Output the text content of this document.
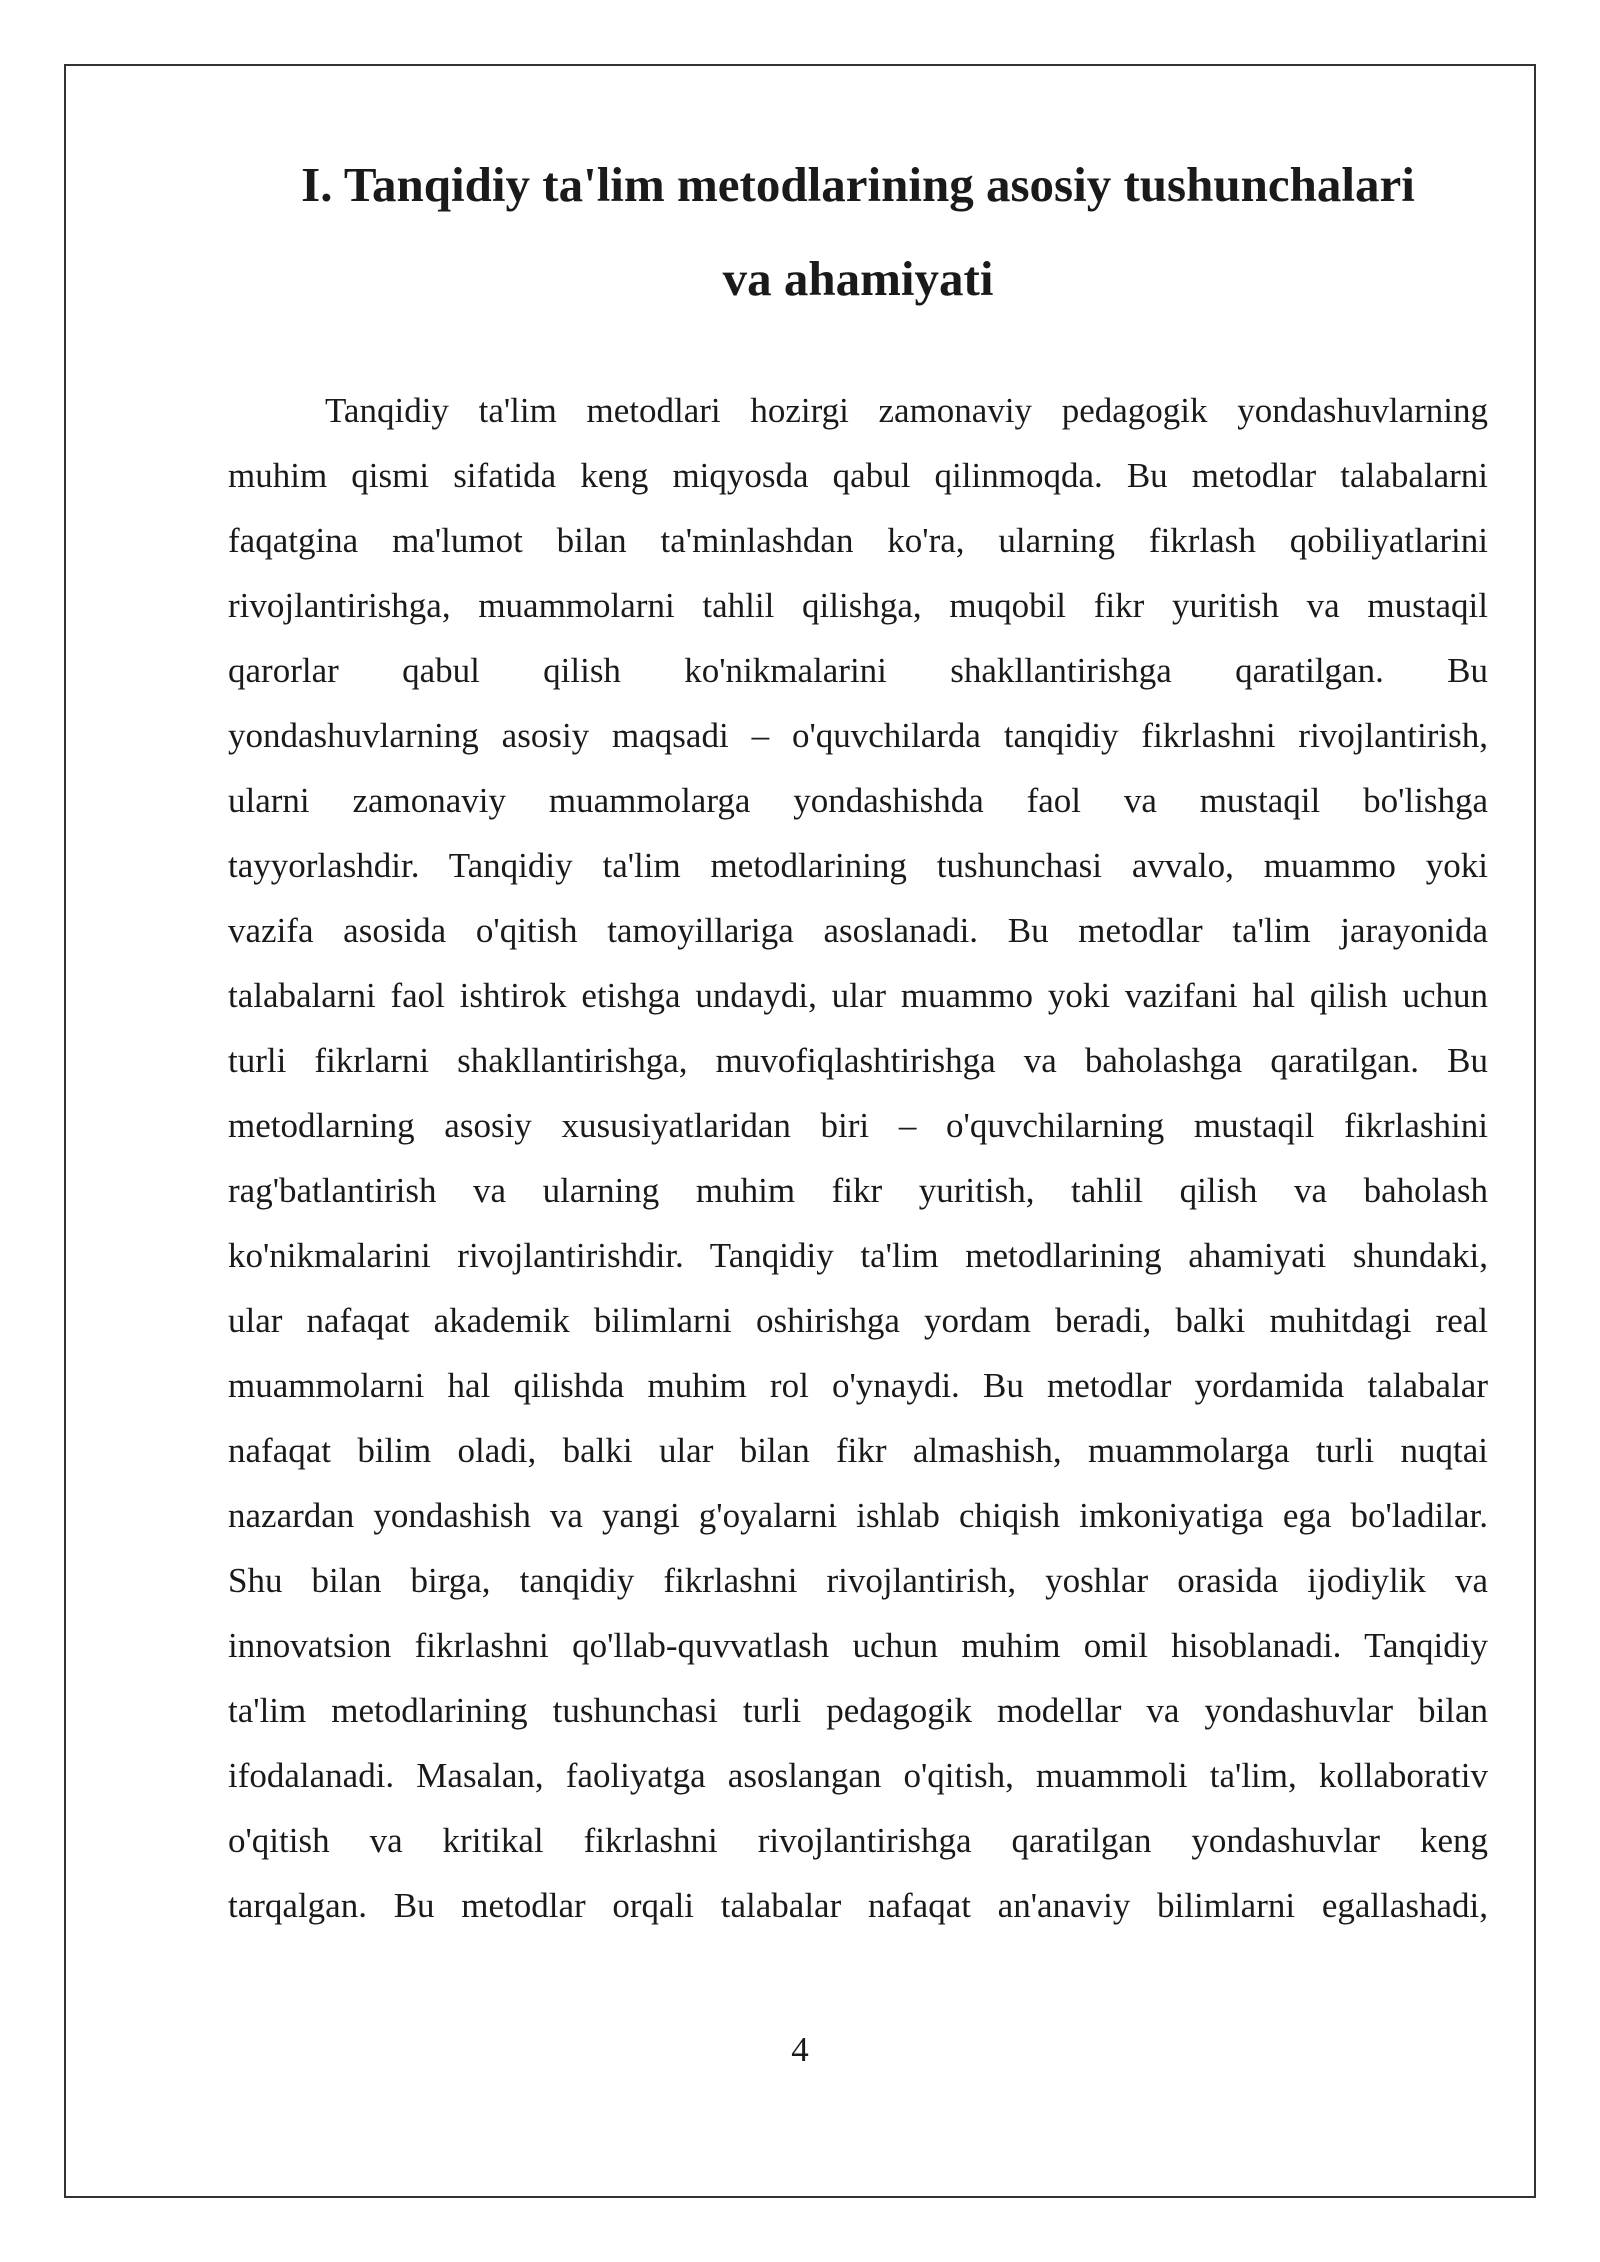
I. Tanqidiy ta'lim metodlarining asosiy tushunchalari
va ahamiyati
Tanqidiy ta'lim metodlari hozirgi zamonaviy pedagogik yondashuvlarning
muhim qismi sifatida keng miqyosda qabul qilinmoqda. Bu metodlar talabalarni
faqatgina ma'lumot bilan ta'minlashdan ko'ra, ularning fikrlash qobiliyatlarini
rivojlantirishga, muammolarni tahlil qilishga, muqobil fikr yuritish va mustaqil
qarorlar qabul qilish ko'nikmalarini shakllantirishga qaratilgan. Bu
yondashuvlarning asosiy maqsadi – o'quvchilarda tanqidiy fikrlashni rivojlantirish,
ularni zamonaviy muammolarga yondashishda faol va mustaqil bo'lishga
tayyorlashdir. Tanqidiy ta'lim metodlarining tushunchasi avvalo, muammo yoki
vazifa asosida o'qitish tamoyillariga asoslanadi. Bu metodlar ta'lim jarayonida
talabalarni faol ishtirok etishga undaydi, ular muammo yoki vazifani hal qilish uchun
turli fikrlarni shakllantirishga, muvofiqlashtirishga va baholashga qaratilgan. Bu
metodlarning asosiy xususiyatlaridan biri – o'quvchilarning mustaqil fikrlashini
rag'batlantirish va ularning muhim fikr yuritish, tahlil qilish va baholash
ko'nikmalarini rivojlantirishdir. Tanqidiy ta'lim metodlarining ahamiyati shundaki,
ular nafaqat akademik bilimlarni oshirishga yordam beradi, balki muhitdagi real
muammolarni hal qilishda muhim rol o'ynaydi. Bu metodlar yordamida talabalar
nafaqat bilim oladi, balki ular bilan fikr almashish, muammolarga turli nuqtai
nazardan yondashish va yangi g'oyalarni ishlab chiqish imkoniyatiga ega bo'ladilar.
Shu bilan birga, tanqidiy fikrlashni rivojlantirish, yoshlar orasida ijodiylik va
innovatsion fikrlashni qo'llab-quvvatlash uchun muhim omil hisoblanadi. Tanqidiy
ta'lim metodlarining tushunchasi turli pedagogik modellar va yondashuvlar bilan
ifodalanadi. Masalan, faoliyatga asoslangan o'qitish, muammoli ta'lim, kollaborativ
o'qitish va kritikal fikrlashni rivojlantirishga qaratilgan yondashuvlar keng
tarqalgan. Bu metodlar orqali talabalar nafaqat an'anaviy bilimlarni egallashadi,

4
